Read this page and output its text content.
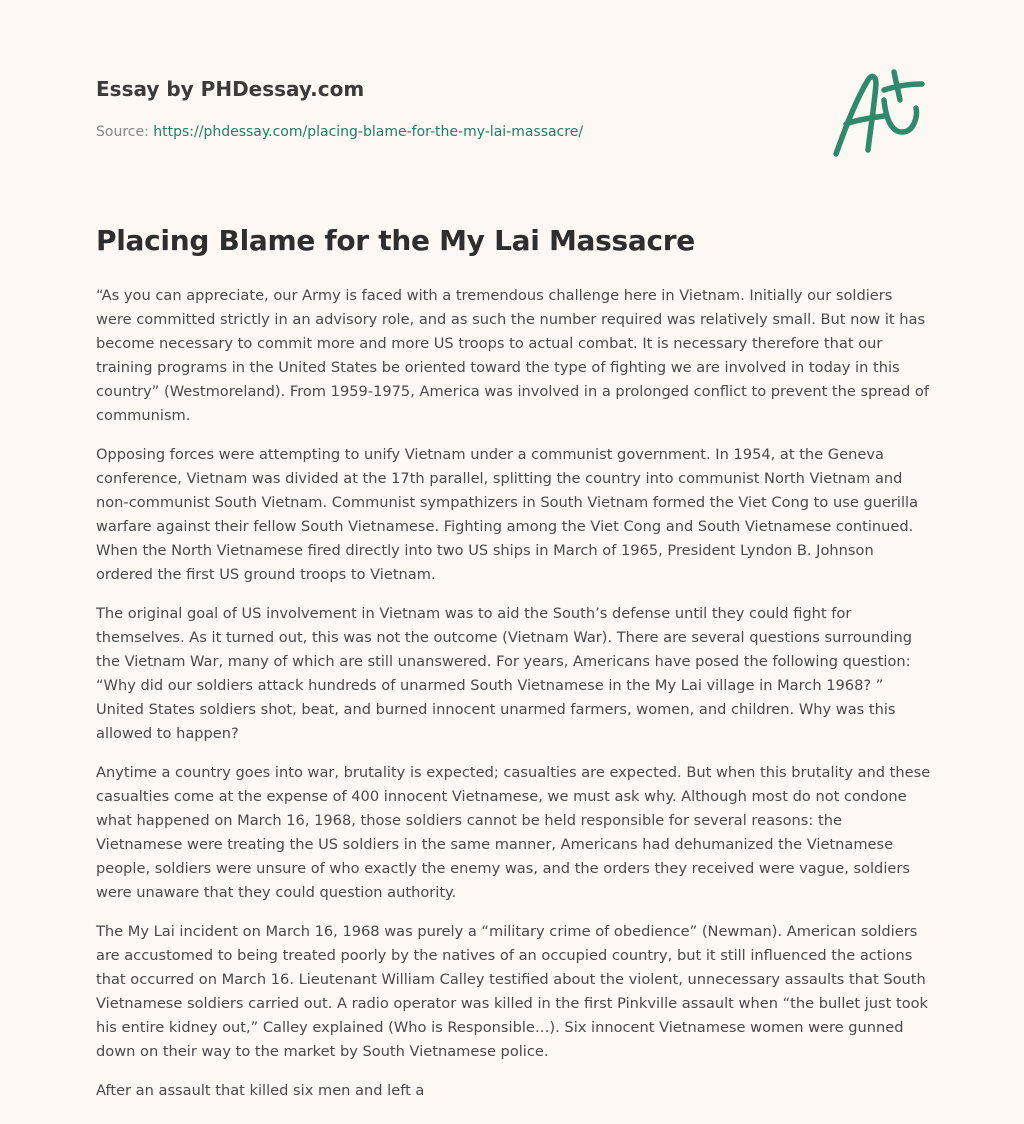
Essay by PHDessay.com
Source: https://phdessay.com/placing-blame-for-the-my-lai-massacre/
Placing Blame for the My Lai Massacre

“As you can appreciate, our Army is faced with a tremendous challenge here in Vietnam. Initially our soldiers were committed strictly in an advisory role, and as such the number required was relatively small. But now it has become necessary to commit more and more US troops to actual combat. It is necessary therefore that our training programs in the United States be oriented toward the type of fighting we are involved in today in this country” (Westmoreland). From 1959-1975, America was involved in a prolonged conflict to prevent the spread of communism.

Opposing forces were attempting to unify Vietnam under a communist government. In 1954, at the Geneva conference, Vietnam was divided at the 17th parallel, splitting the country into communist North Vietnam and non-communist South Vietnam. Communist sympathizers in South Vietnam formed the Viet Cong to use guerilla warfare against their fellow South Vietnamese. Fighting among the Viet Cong and South Vietnamese continued. When the North Vietnamese fired directly into two US ships in March of 1965, President Lyndon B. Johnson ordered the first US ground troops to Vietnam.

The original goal of US involvement in Vietnam was to aid the South’s defense until they could fight for themselves. As it turned out, this was not the outcome (Vietnam War). There are several questions surrounding the Vietnam War, many of which are still unanswered. For years, Americans have posed the following question: “Why did our soldiers attack hundreds of unarmed South Vietnamese in the My Lai village in March 1968? ” United States soldiers shot, beat, and burned innocent unarmed farmers, women, and children. Why was this allowed to happen?

Anytime a country goes into war, brutality is expected; casualties are expected. But when this brutality and these casualties come at the expense of 400 innocent Vietnamese, we must ask why. Although most do not condone what happened on March 16, 1968, those soldiers cannot be held responsible for several reasons: the Vietnamese were treating the US soldiers in the same manner, Americans had dehumanized the Vietnamese people, soldiers were unsure of who exactly the enemy was, and the orders they received were vague, soldiers were unaware that they could question authority.

The My Lai incident on March 16, 1968 was purely a “military crime of obedience” (Newman). American soldiers are accustomed to being treated poorly by the natives of an occupied country, but it still influenced the actions that occurred on March 16. Lieutenant William Calley testified about the violent, unnecessary assaults that South Vietnamese soldiers carried out. A radio operator was killed in the first Pinkville assault when “the bullet just took his entire kidney out,” Calley explained (Who is Responsible…). Six innocent Vietnamese women were gunned down on their way to the market by South Vietnamese police.

After an assault that killed six men and left a
